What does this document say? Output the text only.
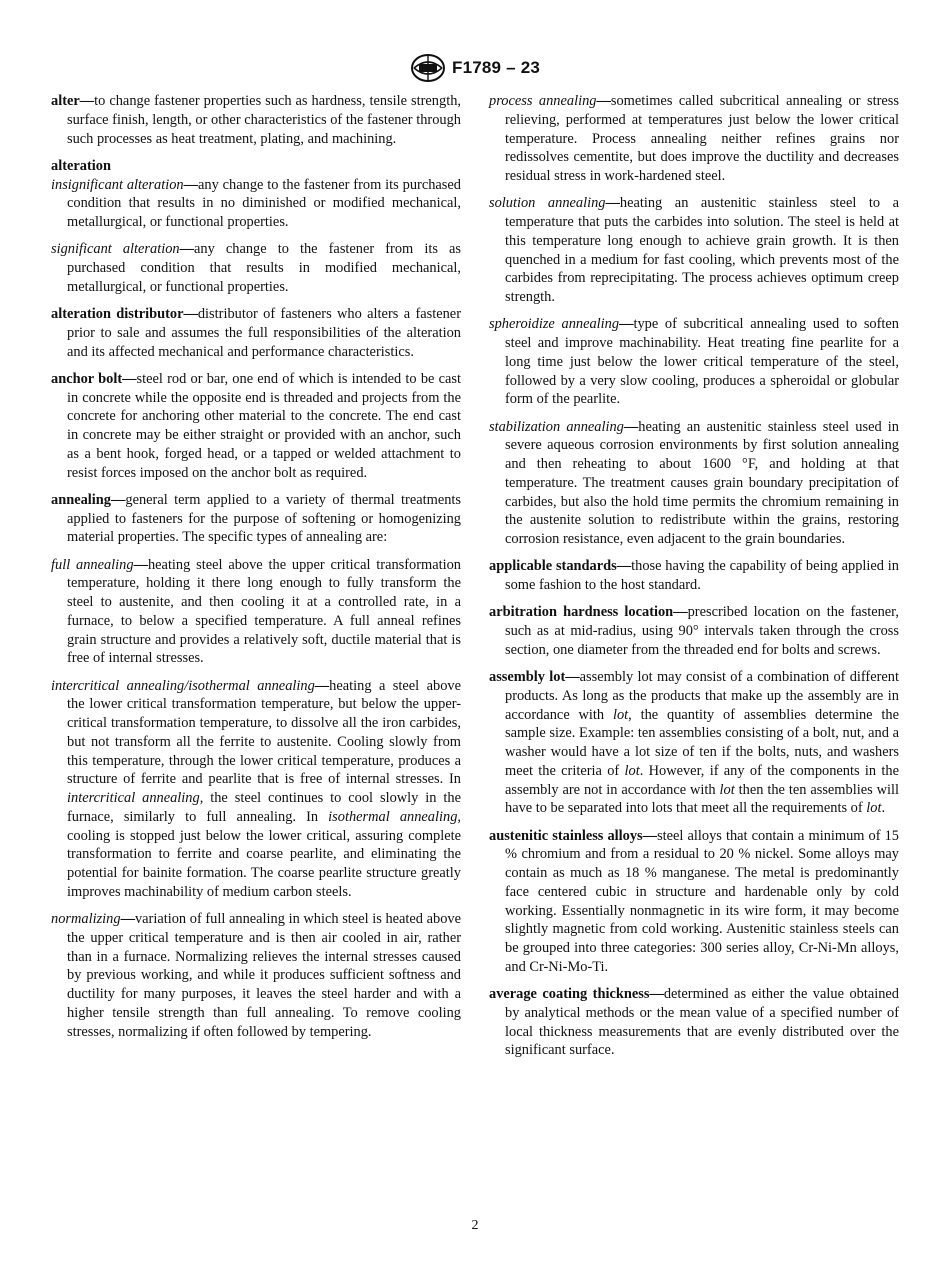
F1789 – 23

alter—to change fastener properties such as hardness, tensile strength, surface finish, length, or other characteristics of the fastener through such processes as heat treatment, plating, and machining.

alteration

insignificant alteration—any change to the fastener from its purchased condition that results in no diminished or modified mechanical, metallurgical, or functional properties.

significant alteration—any change to the fastener from its as purchased condition that results in modified mechanical, metallurgical, or functional properties.

alteration distributor—distributor of fasteners who alters a fastener prior to sale and assumes the full responsibilities of the alteration and its affected mechanical and performance characteristics.

anchor bolt—steel rod or bar, one end of which is intended to be cast in concrete while the opposite end is threaded and projects from the concrete for anchoring other material to the concrete. The end cast in concrete may be either straight or provided with an anchor, such as a bent hook, forged head, or a tapped or welded attachment to resist forces imposed on the anchor bolt as required.

annealing—general term applied to a variety of thermal treatments applied to fasteners for the purpose of softening or homogenizing material properties. The specific types of annealing are:

full annealing—heating steel above the upper critical transformation temperature, holding it there long enough to fully transform the steel to austenite, and then cooling it at a controlled rate, in a furnace, to below a specified temperature. A full anneal refines grain structure and provides a relatively soft, ductile material that is free of internal stresses.

intercritical annealing/isothermal annealing—heating a steel above the lower critical transformation temperature, but below the upper-critical transformation temperature, to dissolve all the iron carbides, but not transform all the ferrite to austenite. Cooling slowly from this temperature, through the lower critical temperature, produces a structure of ferrite and pearlite that is free of internal stresses. In intercritical annealing, the steel continues to cool slowly in the furnace, similarly to full annealing. In isothermal annealing, cooling is stopped just below the lower critical, assuring complete transformation to ferrite and coarse pearlite, and eliminating the potential for bainite formation. The coarse pearlite structure greatly improves machinability of medium carbon steels.

normalizing—variation of full annealing in which steel is heated above the upper critical temperature and is then air cooled in air, rather than in a furnace. Normalizing relieves the internal stresses caused by previous working, and while it produces sufficient softness and ductility for many purposes, it leaves the steel harder and with a higher tensile strength than full annealing. To remove cooling stresses, normalizing if often followed by tempering.

process annealing—sometimes called subcritical annealing or stress relieving, performed at temperatures just below the lower critical temperature. Process annealing neither refines grains nor redissolves cementite, but does improve the ductility and decreases residual stress in work-hardened steel.

solution annealing—heating an austenitic stainless steel to a temperature that puts the carbides into solution. The steel is held at this temperature long enough to achieve grain growth. It is then quenched in a medium for fast cooling, which prevents most of the carbides from reprecipitating. The process achieves optimum creep strength.

spheroidize annealing—type of subcritical annealing used to soften steel and improve machinability. Heat treating fine pearlite for a long time just below the lower critical temperature of the steel, followed by a very slow cooling, produces a spheroidal or globular form of the pearlite.

stabilization annealing—heating an austenitic stainless steel used in severe aqueous corrosion environments by first solution annealing and then reheating to about 1600 °F, and holding at that temperature. The treatment causes grain boundary precipitation of carbides, but also the hold time permits the chromium remaining in the austenite solution to redistribute within the grains, restoring corrosion resistance, even adjacent to the grain boundaries.

applicable standards—those having the capability of being applied in some fashion to the host standard.

arbitration hardness location—prescribed location on the fastener, such as at mid-radius, using 90° intervals taken through the cross section, one diameter from the threaded end for bolts and screws.

assembly lot—assembly lot may consist of a combination of different products. As long as the products that make up the assembly are in accordance with lot, the quantity of assemblies determine the sample size. Example: ten assemblies consisting of a bolt, nut, and a washer would have a lot size of ten if the bolts, nuts, and washers meet the criteria of lot. However, if any of the components in the assembly are not in accordance with lot then the ten assemblies will have to be separated into lots that meet all the requirements of lot.

austenitic stainless alloys—steel alloys that contain a minimum of 15 % chromium and from a residual to 20 % nickel. Some alloys may contain as much as 18 % manganese. The metal is predominantly face centered cubic in structure and hardenable only by cold working. Essentially nonmagnetic in its wire form, it may become slightly magnetic from cold working. Austenitic stainless steels can be grouped into three categories: 300 series alloy, Cr-Ni-Mn alloys, and Cr-Ni-Mo-Ti.

average coating thickness—determined as either the value obtained by analytical methods or the mean value of a specified number of local thickness measurements that are evenly distributed over the significant surface.

2
